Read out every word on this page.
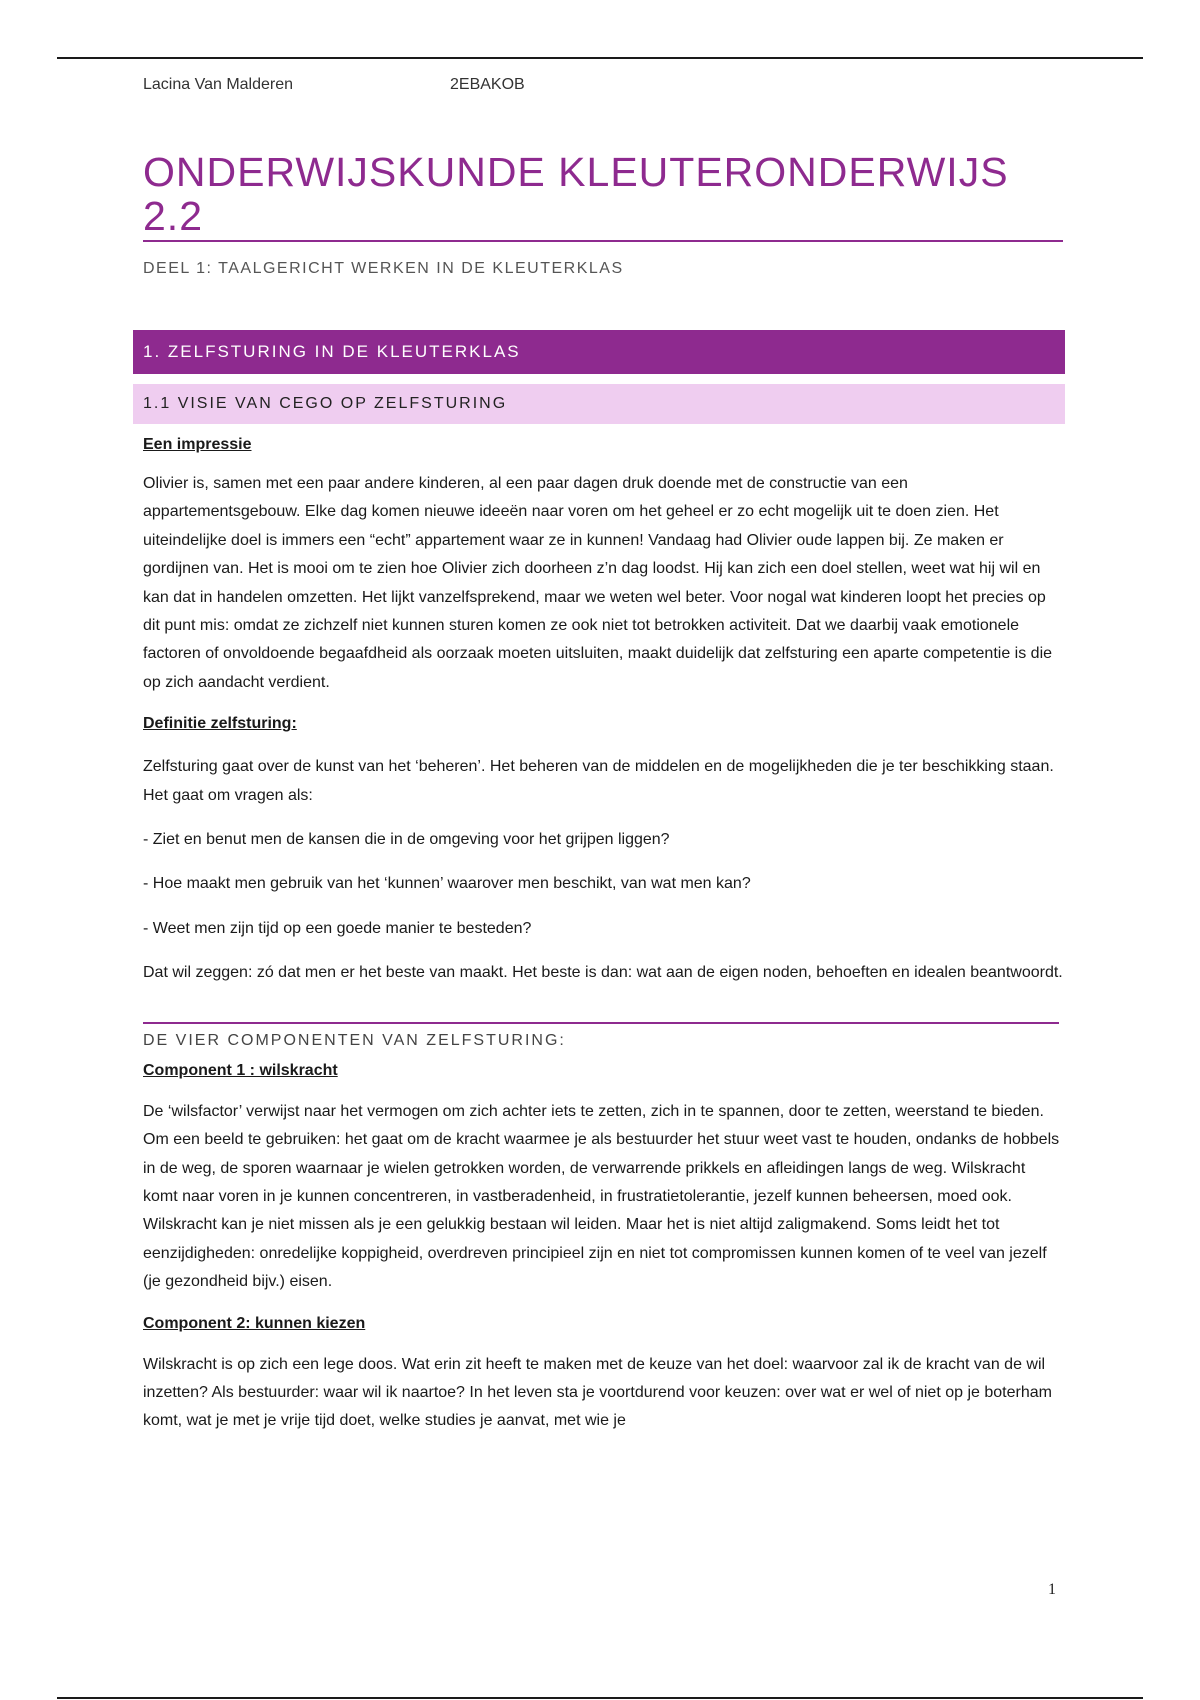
Lacina Van Malderen	2EBAKOB
ONDERWIJSKUNDE KLEUTERONDERWIJS 2.2
DEEL 1: TAALGERICHT WERKEN IN DE KLEUTERKLAS
1. ZELFSTURING IN DE KLEUTERKLAS
1.1 VISIE VAN CEGO OP ZELFSTURING
Een impressie

Olivier is, samen met een paar andere kinderen, al een paar dagen druk doende met de constructie van een appartementsgebouw. Elke dag komen nieuwe ideeën naar voren om het geheel er zo echt mogelijk uit te doen zien. Het uiteindelijke doel is immers een “echt” appartement waar ze in kunnen! Vandaag had Olivier oude lappen bij. Ze maken er gordijnen van. Het is mooi om te zien hoe Olivier zich doorheen z’n dag loodst. Hij kan zich een doel stellen, weet wat hij wil en kan dat in handelen omzetten. Het lijkt vanzelfsprekend, maar we weten wel beter. Voor nogal wat kinderen loopt het precies op dit punt mis: omdat ze zichzelf niet kunnen sturen komen ze ook niet tot betrokken activiteit. Dat we daarbij vaak emotionele factoren of onvoldoende begaafdheid als oorzaak moeten uitsluiten, maakt duidelijk dat zelfsturing een aparte competentie is die op zich aandacht verdient.

Definitie zelfsturing:

Zelfsturing gaat over de kunst van het ‘beheren’. Het beheren van de middelen en de mogelijkheden die je ter beschikking staan. Het gaat om vragen als:

- Ziet en benut men de kansen die in de omgeving voor het grijpen liggen?

- Hoe maakt men gebruik van het ‘kunnen’ waarover men beschikt, van wat men kan?

- Weet men zijn tijd op een goede manier te besteden?

Dat wil zeggen: zó dat men er het beste van maakt. Het beste is dan: wat aan de eigen noden, behoeften en idealen beantwoordt.

DE VIER COMPONENTEN VAN ZELFSTURING:
Component 1 : wilskracht

De ‘wilsfactor’ verwijst naar het vermogen om zich achter iets te zetten, zich in te spannen, door te zetten, weerstand te bieden. Om een beeld te gebruiken: het gaat om de kracht waarmee je als bestuurder het stuur weet vast te houden, ondanks de hobbels in de weg, de sporen waarnaar je wielen getrokken worden, de verwarrende prikkels en afleidingen langs de weg. Wilskracht komt naar voren in je kunnen concentreren, in vastberadenheid, in frustratietolerantie, jezelf kunnen beheersen, moed ook. Wilskracht kan je niet missen als je een gelukkig bestaan wil leiden. Maar het is niet altijd zaligmakend. Soms leidt het tot eenzijdigheden: onredelijke koppigheid, overdreven principieel zijn en niet tot compromissen kunnen komen of te veel van jezelf (je gezondheid bijv.) eisen.

Component 2: kunnen kiezen

Wilskracht is op zich een lege doos. Wat erin zit heeft te maken met de keuze van het doel: waarvoor zal ik de kracht van de wil inzetten? Als bestuurder: waar wil ik naartoe? In het leven sta je voortdurend voor keuzen: over wat er wel of niet op je boterham komt, wat je met je vrije tijd doet, welke studies je aanvat, met wie je

1
